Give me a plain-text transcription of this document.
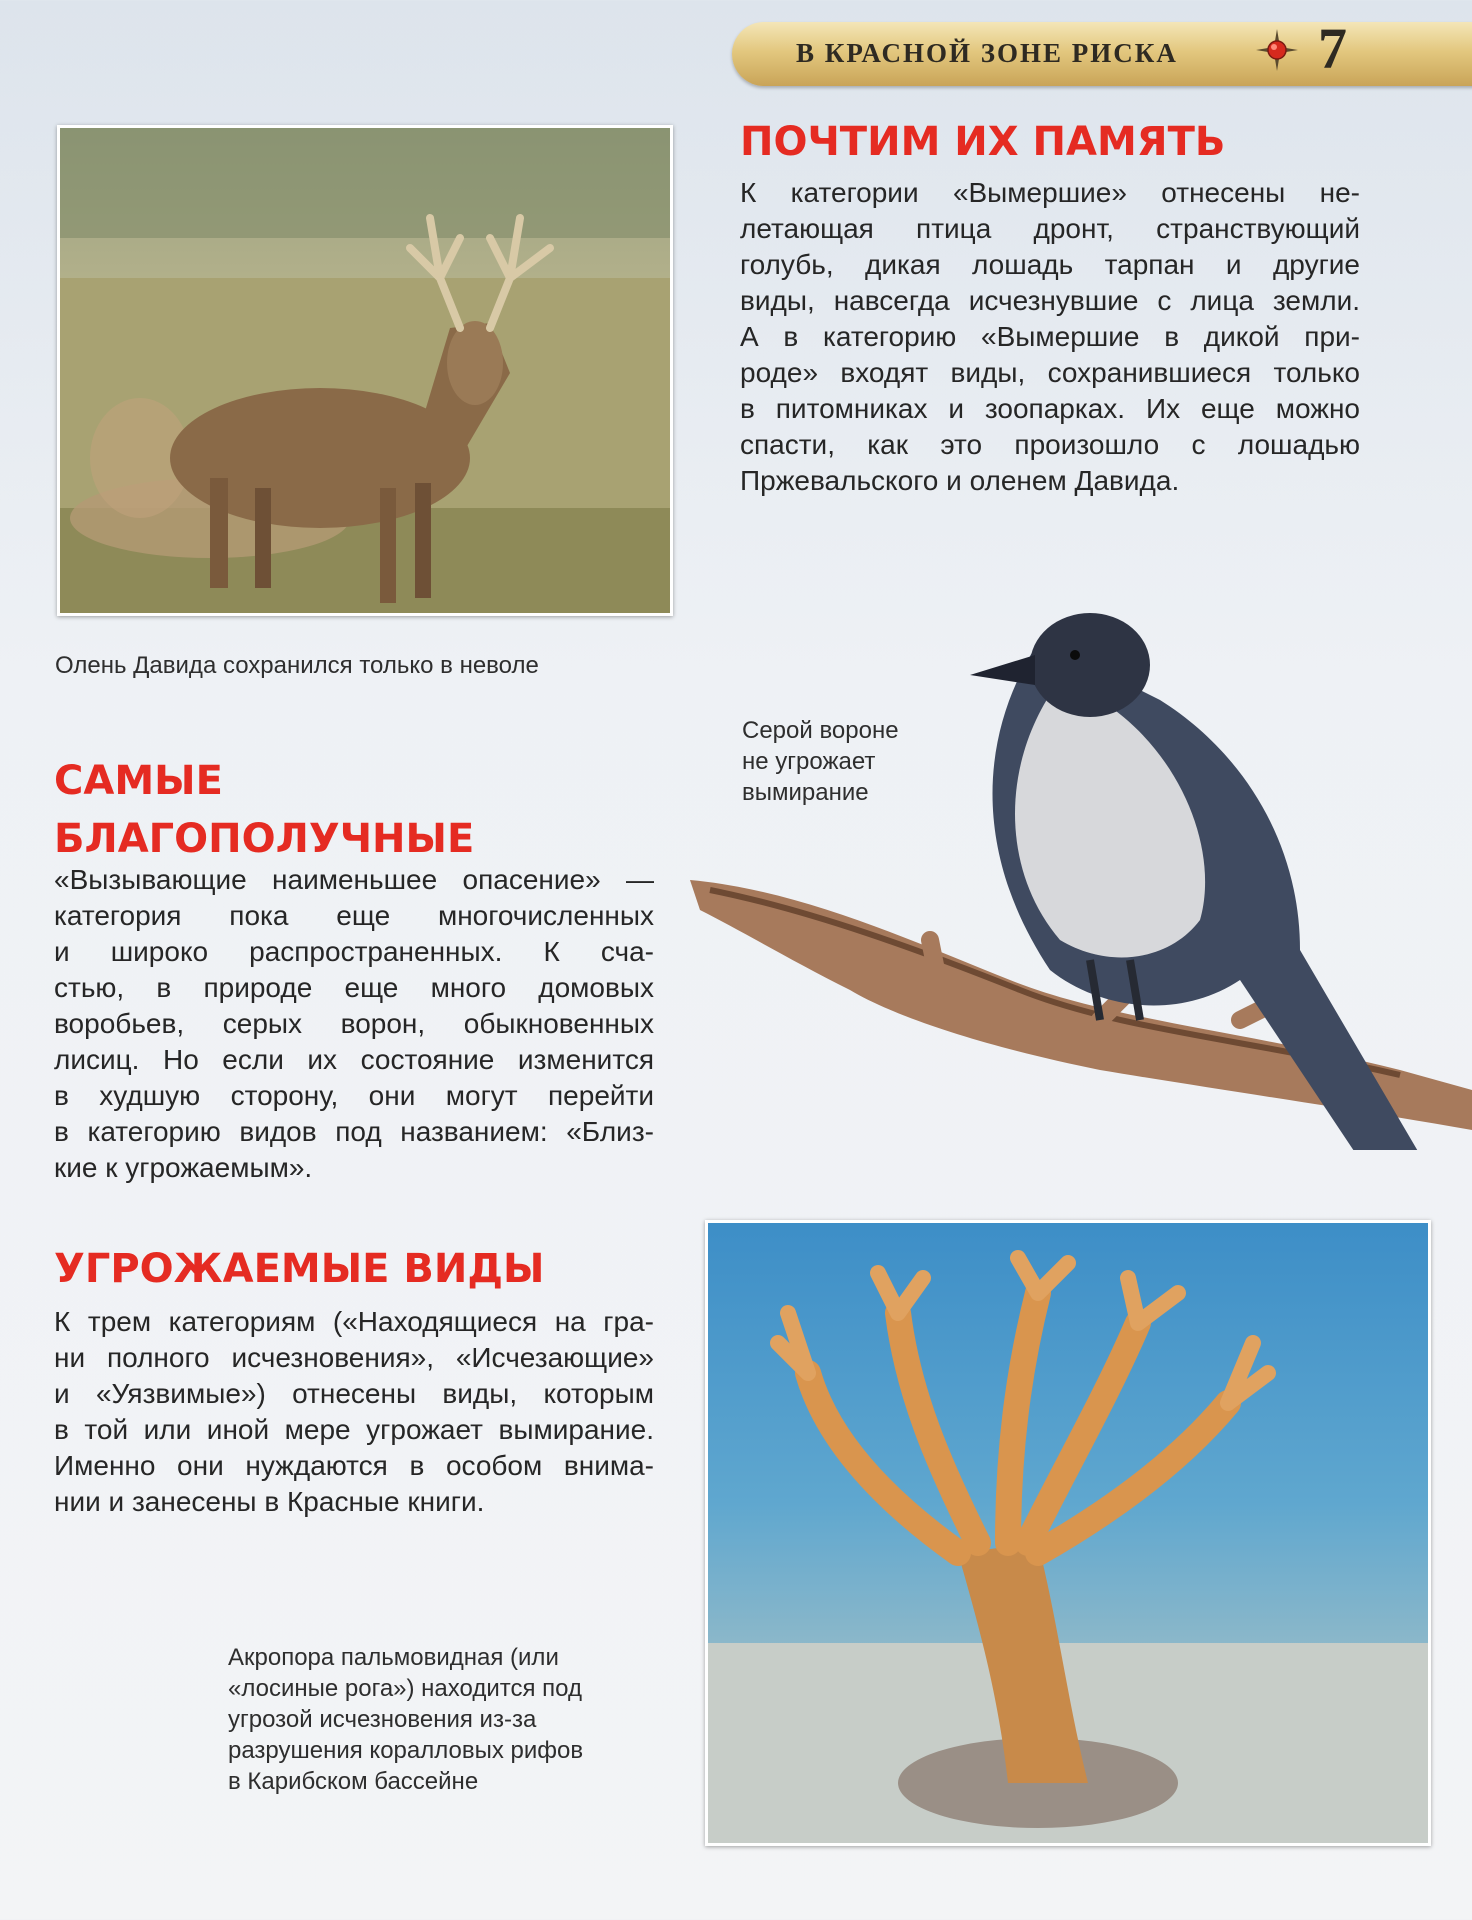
В КРАСНОЙ ЗОНЕ РИСКА 7

Олень Давида сохранился только в неволе

ПОЧТИМ ИХ ПАМЯТЬ

К категории «Вымершие» отнесены не-
летающая птица дронт, странствующий
голубь, дикая лошадь тарпан и другие
виды, навсегда исчезнувшие с лица земли.
А в категорию «Вымершие в дикой при-
роде» входят виды, сохранившиеся только
в питомниках и зоопарках. Их еще можно
спасти, как это произошло с лошадью
Пржевальского и оленем Давида.

Серой вороне
не угрожает
вымирание

САМЫЕ
БЛАГОПОЛУЧНЫЕ

«Вызывающие наименьшее опасение» —
категория пока еще многочисленных
и широко распространенных. К сча-
стью, в природе еще много домовых
воробьев, серых ворон, обыкновенных
лисиц. Но если их состояние изменится
в худшую сторону, они могут перейти
в категорию видов под названием: «Близ-
кие к угрожаемым».

УГРОЖАЕМЫЕ ВИДЫ

К трем категориям («Находящиеся на гра-
ни полного исчезновения», «Исчезающие»
и «Уязвимые») отнесены виды, которым
в той или иной мере угрожает вымирание.
Именно они нуждаются в особом внима-
нии и занесены в Красные книги.

Акропора пальмовидная (или
«лосиные рога») находится под
угрозой исчезновения из-за
разрушения коралловых рифов
в Карибском бассейне
